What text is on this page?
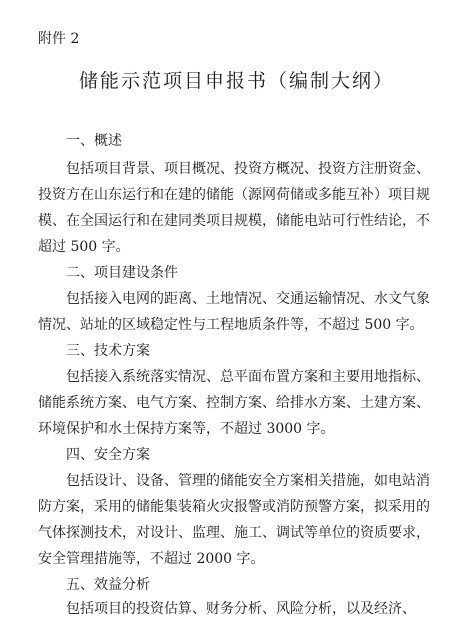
附件 2
储能示范项目申报书（编制大纲）
一、概述
包括项目背景、项目概况、投资方概况、投资方注册资金、
投资方在山东运行和在建的储能（源网荷储或多能互补）项目规
模、在全国运行和在建同类项目规模，储能电站可行性结论，不
超过 500 字。
二、项目建设条件
包括接入电网的距离、土地情况、交通运输情况、水文气象
情况、站址的区域稳定性与工程地质条件等，不超过 500 字。
三、技术方案
包括接入系统落实情况、总平面布置方案和主要用地指标、
储能系统方案、电气方案、控制方案、给排水方案、土建方案、
环境保护和水土保持方案等，不超过 3000 字。
四、安全方案
包括设计、设备、管理的储能安全方案相关措施，如电站消
防方案，采用的储能集装箱火灾报警或消防预警方案，拟采用的
气体探测技术，对设计、监理、施工、调试等单位的资质要求，
安全管理措施等，不超过 2000 字。
五、效益分析
包括项目的投资估算、财务分析、风险分析，以及经济、
